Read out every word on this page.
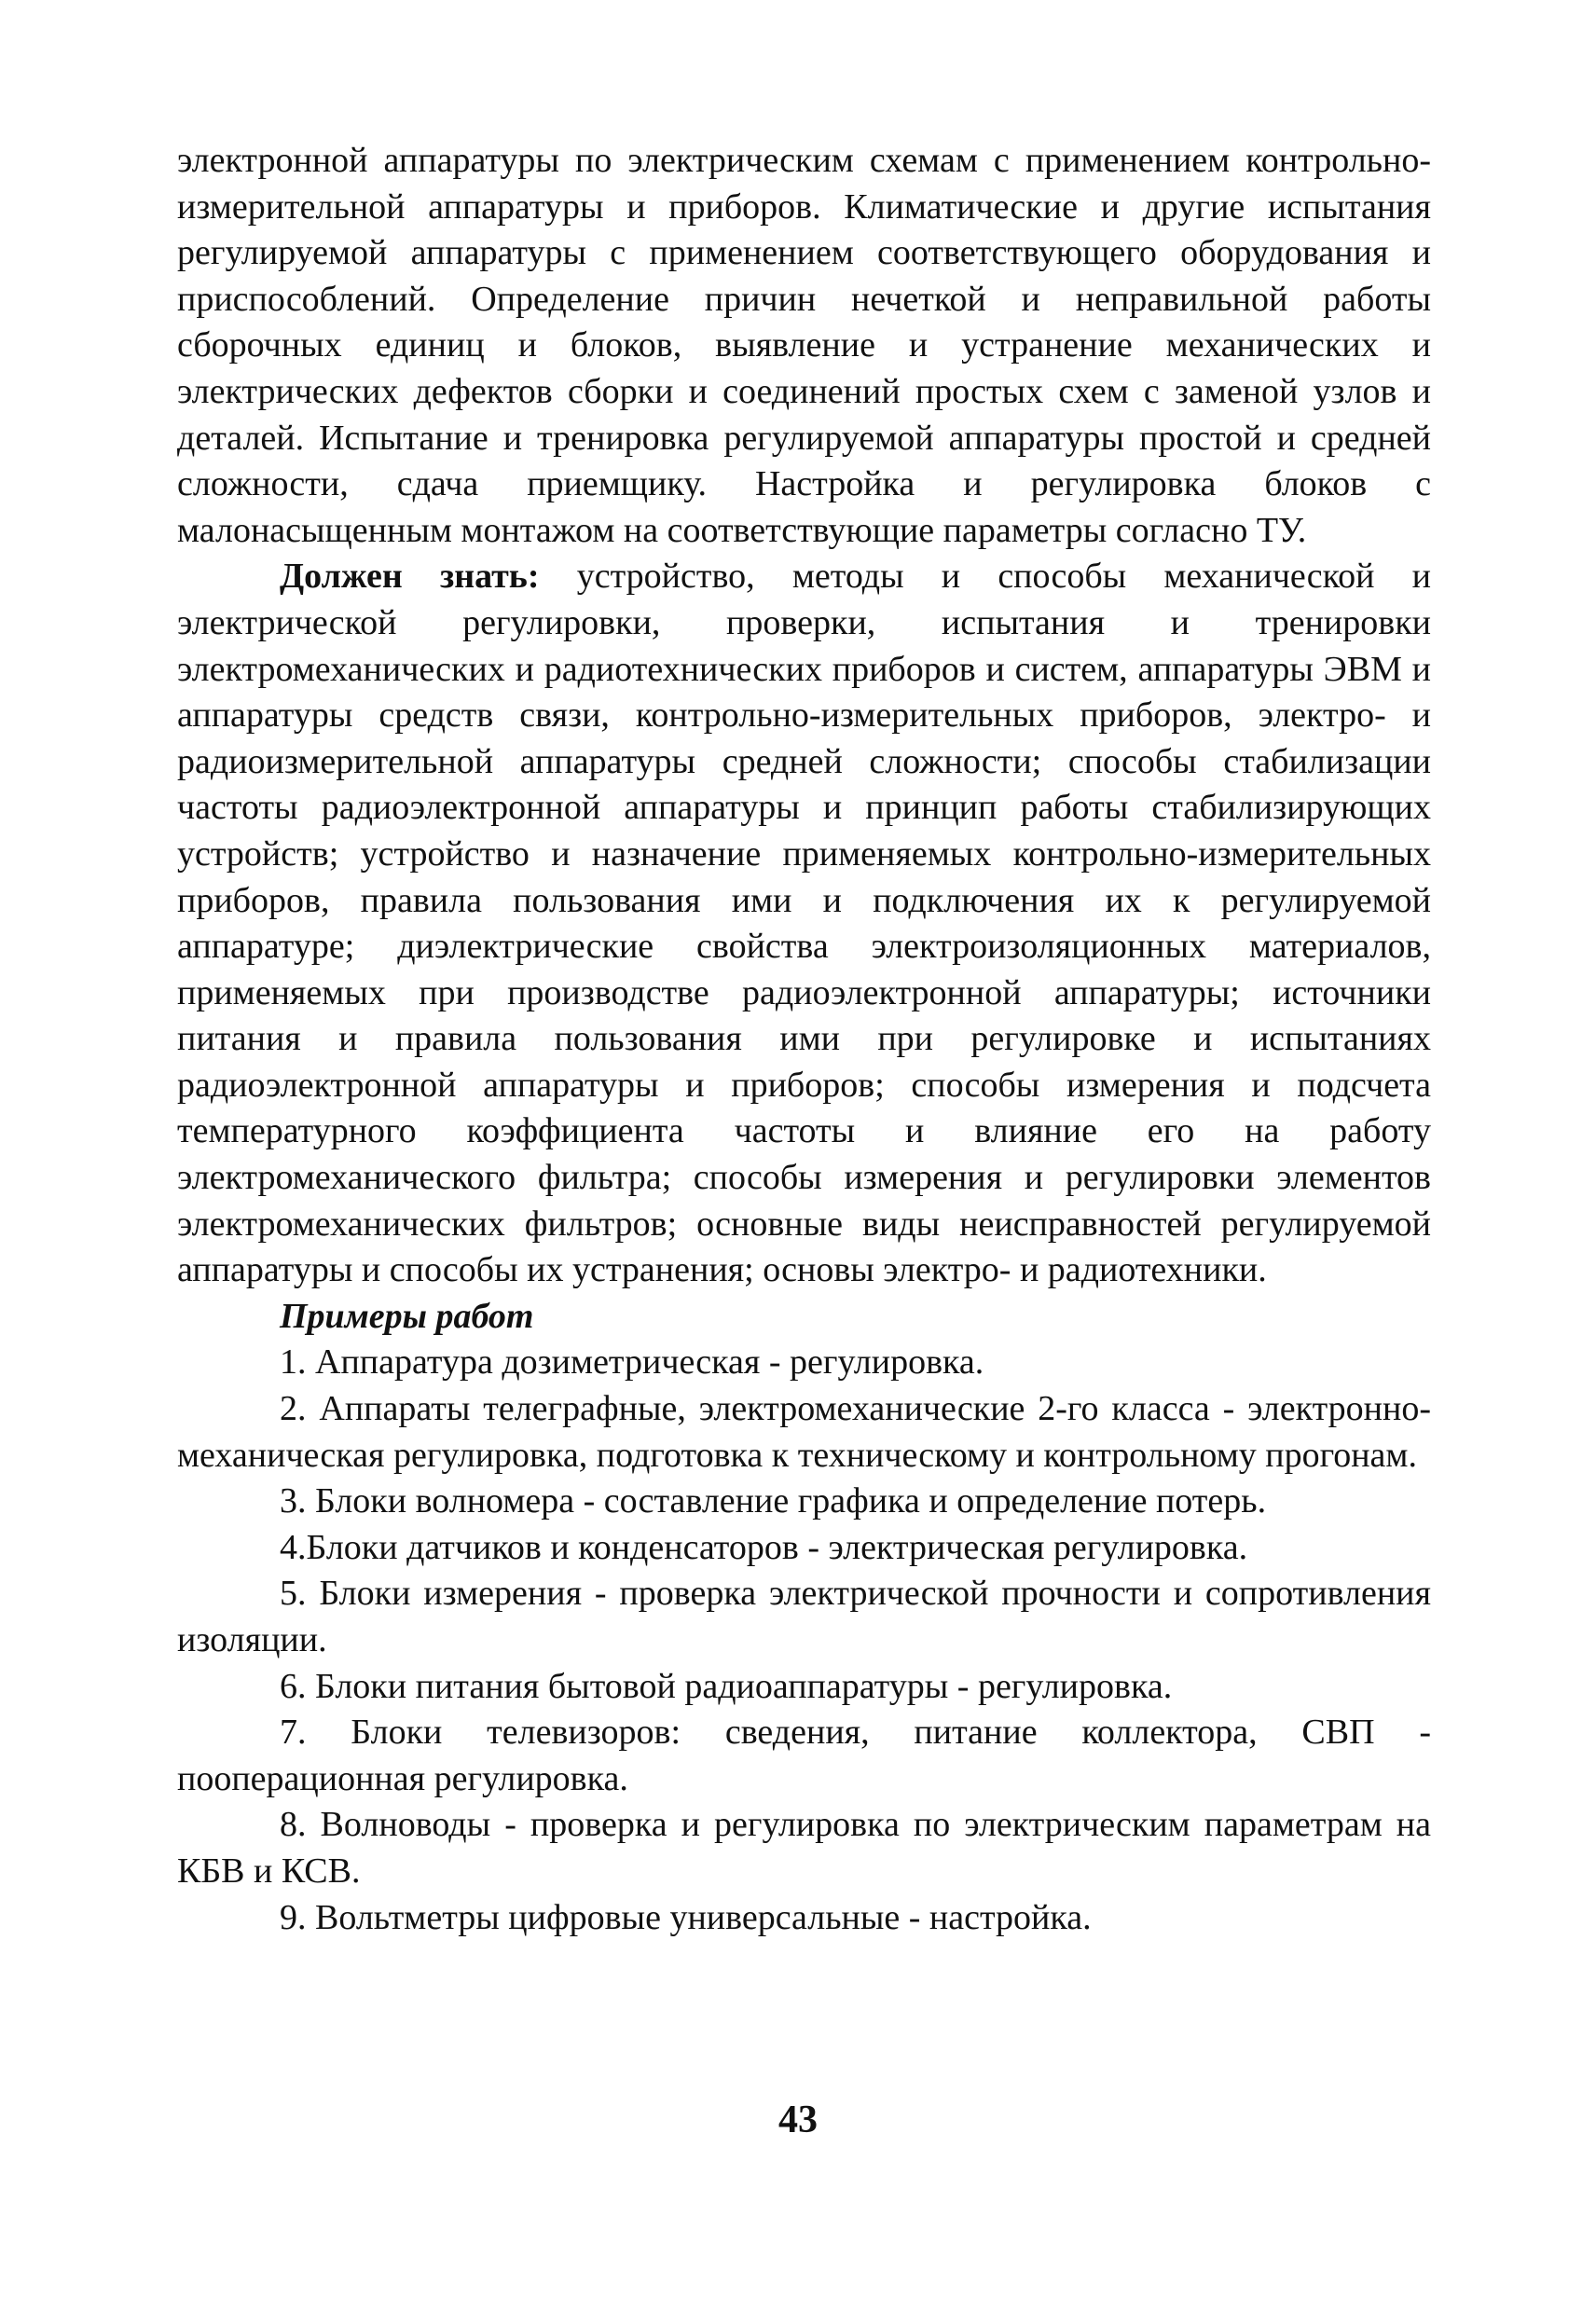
электронной аппаратуры по электрическим схемам с применением контрольно-измерительной аппаратуры и приборов. Климатические и другие испытания регулируемой аппаратуры с применением соответствующего оборудования и приспособлений. Определение причин нечеткой и неправильной работы сборочных единиц и блоков, выявление и устранение механических и электрических дефектов сборки и соединений простых схем с заменой узлов и деталей. Испытание и тренировка регулируемой аппаратуры простой и средней сложности, сдача приемщику. Настройка и регулировка блоков с малонасыщенным монтажом на соответствующие параметры согласно ТУ.

Должен знать: устройство, методы и способы механической и электрической регулировки, проверки, испытания и тренировки электромеханических и радиотехнических приборов и систем, аппаратуры ЭВМ и аппаратуры средств связи, контрольно-измерительных приборов, электро- и радиоизмерительной аппаратуры средней сложности; способы стабилизации частоты радиоэлектронной аппаратуры и принцип работы стабилизирующих устройств; устройство и назначение применяемых контрольно-измерительных приборов, правила пользования ими и подключения их к регулируемой аппаратуре; диэлектрические свойства электроизоляционных материалов, применяемых при производстве радиоэлектронной аппаратуры; источники питания и правила пользования ими при регулировке и испытаниях радиоэлектронной аппаратуры и приборов; способы измерения и подсчета температурного коэффициента частоты и влияние его на работу электромеханического фильтра; способы измерения и регулировки элементов электромеханических фильтров; основные виды неисправностей регулируемой аппаратуры и способы их устранения; основы электро- и радиотехники.

Примеры работ

1. Аппаратура дозиметрическая - регулировка.

2. Аппараты телеграфные, электромеханические 2-го класса - электронно-механическая регулировка, подготовка к техническому и контрольному прогонам.

3. Блоки волномера - составление графика и определение потерь.

4.Блоки датчиков и конденсаторов - электрическая регулировка.

5. Блоки измерения - проверка электрической прочности и сопротивления изоляции.

6. Блоки питания бытовой радиоаппаратуры - регулировка.

7. Блоки телевизоров: сведения, питание коллектора, СВП - пооперационная регулировка.

8. Волноводы - проверка и регулировка по электрическим параметрам на КБВ и КСВ.

9. Вольтметры цифровые универсальные - настройка.

43
